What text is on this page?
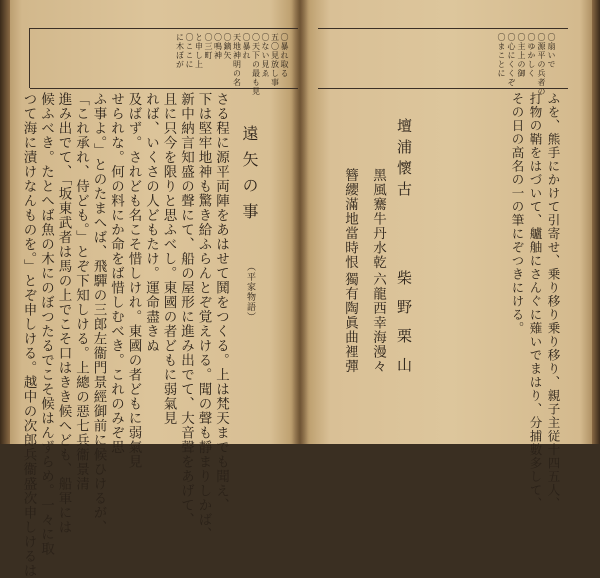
〇暴れ取る
五〇見放し事
〇ない見ゑ
〇天下の最も見
〇暴れ
天地神明の名
〇鏑矢
〇鳴神
〇三町
と申し上
〇ここに
に木ぼが
遠矢の事
（平家物語）
さる程に源平両陣をあはせて鬨をつくる。上は梵天までも聞え、
下は堅牢地神も驚き給ふらんとぞ覚えける。聞の聲も靜まりしかば、
新中納言知盛の聲にて、船の屋形に進み出でて、大音聲をあげて、
且に只今を限りと思ふべし。東國の者どもに弱氣見
れば、いくさの人どもたけ。運命盡きぬ
及ばず。されども名こそ惜しけれ。東國の者どもに弱氣見
せられな。何の料にか命をば惜しむべき。これのみぞ思
ふ事よ。」とのたまへば、飛驒の三郎左衞門景經御前に候ひけるが、
「これ承れ、侍ども。」とぞ下知しける。上總の惡七兵衞景清
進み出でて、「坂東武者は馬の上でこそ口はきき候へども、船軍には
候ふべき。たとへば魚の木にのぼつたるでこそ候はんずらめ。一々に取
つて海に漬けなんものを。」とぞ申しける。越中の次郎兵衞盛次申しけるは
〇扇いで
〇源平の兵者の
〇ゆかしく
〇主上の御
〇心にくくぞ
〇まことに
ふを、熊手にかけて引寄せ、乗り移り乗り移り、親子主従十四五人、
打物の鞘をはづいて、艫舳にさんぐに薙いでまはり、分捕數多して、
その日の高名の一の筆にぞつきにける。
壇浦懷古
柴野栗山
黑風騫牛丹水乾
六龍西幸海漫々
簪纓滿地當時恨
獨有陶眞曲裡彈
